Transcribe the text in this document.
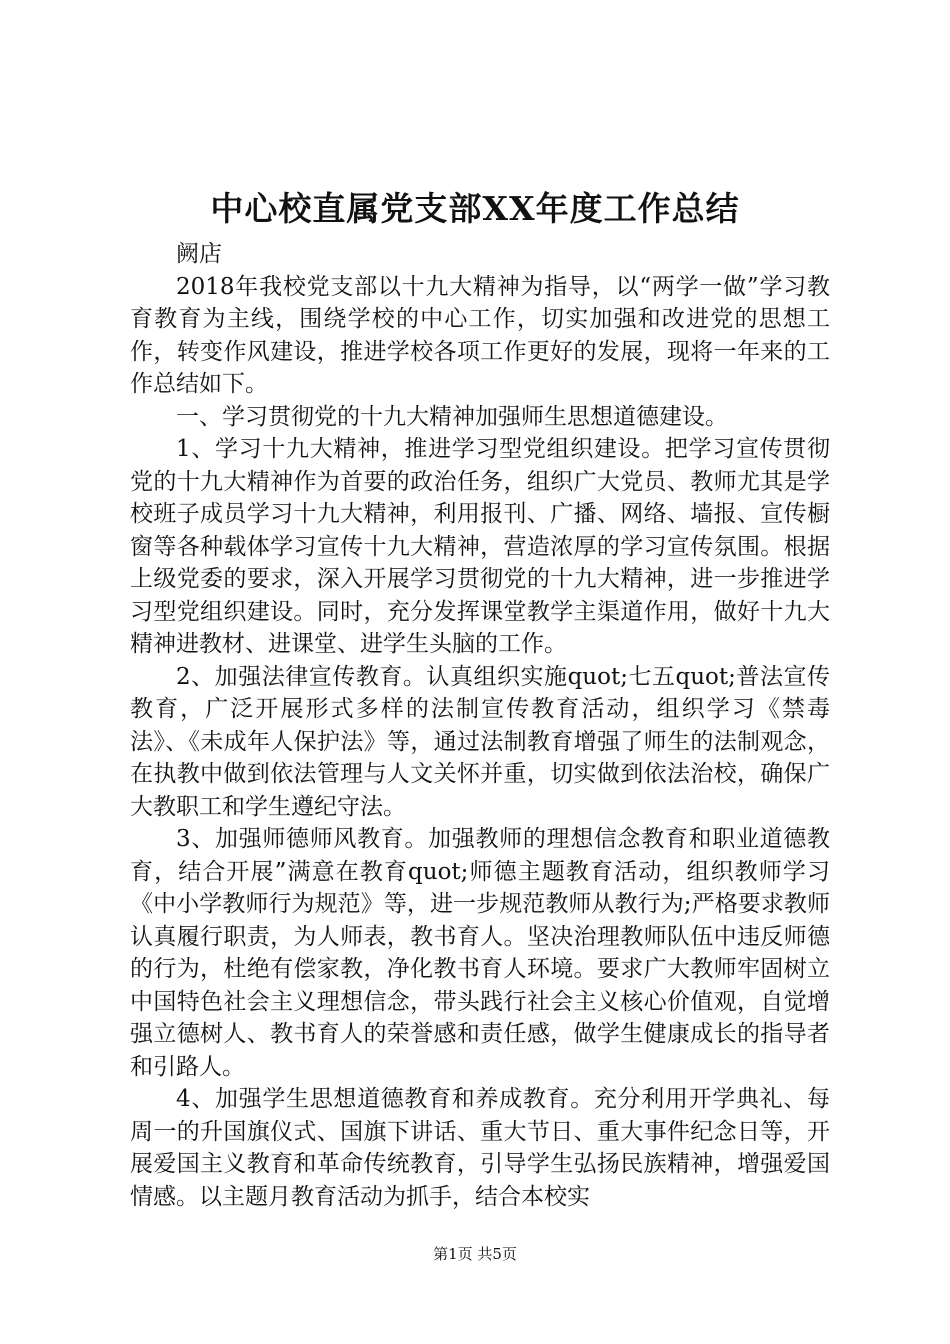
中心校直属党支部XX年度工作总结

阙店

2018年我校党支部以十九大精神为指导，以“两学一做”学习教育教育为主线，围绕学校的中心工作，切实加强和改进党的思想工作，转变作风建设，推进学校各项工作更好的发展，现将一年来的工作总结如下。

一、学习贯彻党的十九大精神加强师生思想道德建设。

1、学习十九大精神，推进学习型党组织建设。把学习宣传贯彻党的十九大精神作为首要的政治任务，组织广大党员、教师尤其是学校班子成员学习十九大精神，利用报刊、广播、网络、墙报、宣传橱窗等各种载体学习宣传十九大精神，营造浓厚的学习宣传氛围。根据上级党委的要求，深入开展学习贯彻党的十九大精神，进一步推进学习型党组织建设。同时，充分发挥课堂教学主渠道作用，做好十九大精神进教材、进课堂、进学生头脑的工作。

2、加强法律宣传教育。认真组织实施quot;七五quot;普法宣传教育，广泛开展形式多样的法制宣传教育活动，组织学习《禁毒法》、《未成年人保护法》等，通过法制教育增强了师生的法制观念，在执教中做到依法管理与人文关怀并重，切实做到依法治校，确保广大教职工和学生遵纪守法。

3、加强师德师风教育。加强教师的理想信念教育和职业道德教育，结合开展”满意在教育quot;师德主题教育活动，组织教师学习《中小学教师行为规范》等，进一步规范教师从教行为;严格要求教师认真履行职责，为人师表，教书育人。坚决治理教师队伍中违反师德的行为，杜绝有偿家教，净化教书育人环境。要求广大教师牢固树立中国特色社会主义理想信念，带头践行社会主义核心价值观，自觉增强立德树人、教书育人的荣誉感和责任感，做学生健康成长的指导者和引路人。

4、加强学生思想道德教育和养成教育。充分利用开学典礼、每周一的升国旗仪式、国旗下讲话、重大节日、重大事件纪念日等，开展爱国主义教育和革命传统教育，引导学生弘扬民族精神，增强爱国情感。以主题月教育活动为抓手，结合本校实

第1页 共5页
